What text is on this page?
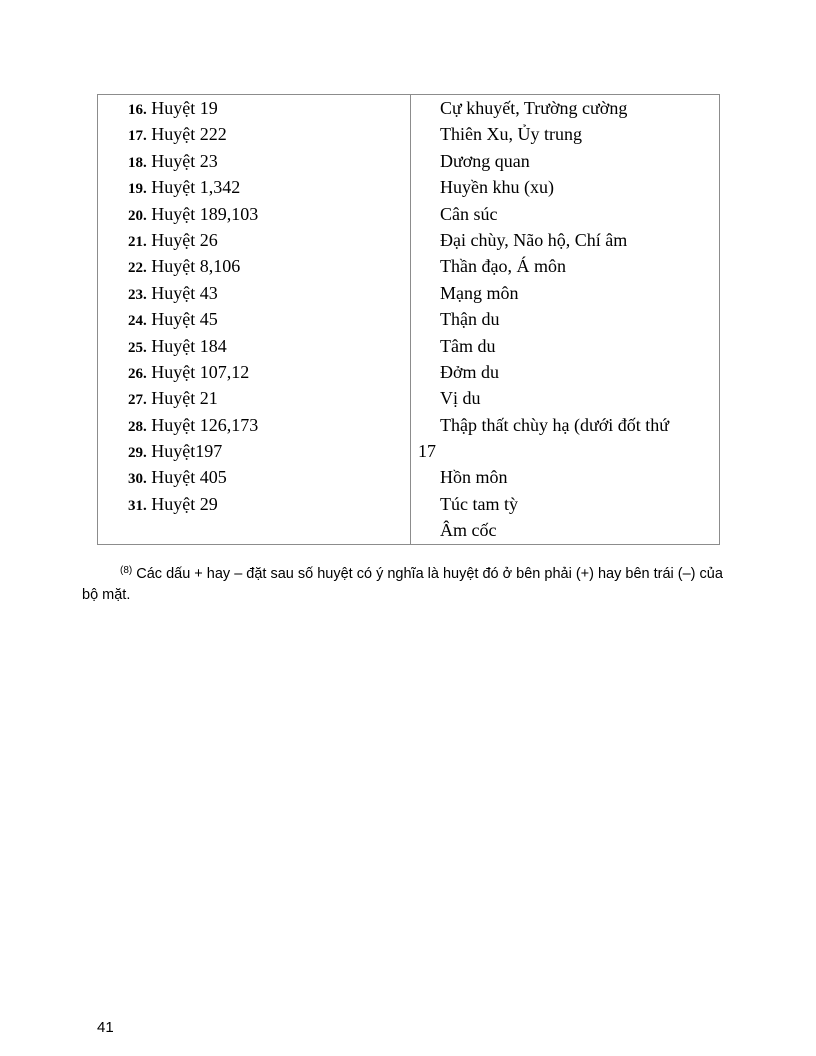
16. Huyệt 19
17. Huyệt 222
18. Huyệt 23
19. Huyệt 1,342
20. Huyệt 189,103
21. Huyệt 26
22. Huyệt 8,106
23. Huyệt 43
24. Huyệt 45
25. Huyệt 184
26. Huyệt 107,12
27. Huyệt 21
28. Huyệt 126,173
29. Huyệt197
30. Huyệt 405
31. Huyệt 29
Cự khuyết, Trường cường
Thiên Xu, Ủy trung
Dương quan
Huyền khu (xu)
Cân súc
Đại chùy, Não hộ, Chí âm
Thần đạo, Á môn
Mạng môn
Thận du
Tâm du
Đởm du
Vị du
Thập thất chùy hạ (dưới đốt thứ
17
Hồn môn
Túc tam tỳ
Âm cốc

$^{(8)}$ Các dấu + hay – đặt sau số huyệt có ý nghĩa là huyệt đó ở bên phải (+) hay bên trái (–) của bộ mặt.

41
